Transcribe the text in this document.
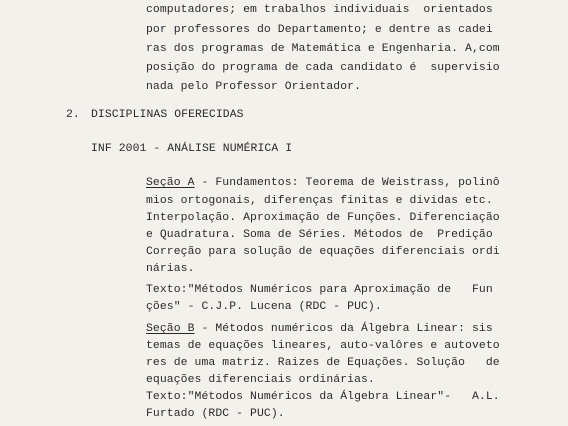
computadores; em trabalhos individuais  orientados
por professores do Departamento; e dentre as cadei
ras dos programas de Matemática e Engenharia. A,com
posição do programa de cada candidato é  supervisio
nada pelo Professor Orientador.
2. DISCIPLINAS OFERECIDAS
INF 2001 - ANÁLISE NUMÉRICA I
Seção A - Fundamentos: Teorema de Weistrass, polinô
mios ortogonais, diferenças finitas e dividas etc.
Interpolação. Aproximação de Funções. Diferenciação
e Quadratura. Soma de Séries. Métodos de  Predição
Correção para solução de equações diferenciais ordi
nárias.
Texto:"Métodos Numéricos para Aproximação de   Fun
ções" - C.J.P. Lucena (RDC - PUC).
Seção B - Métodos numéricos da Álgebra Linear: sis
temas de equações lineares, auto-valôres e autoveto
res de uma matriz. Raizes de Equações. Solução   de
equações diferenciais ordinárias.
Texto:"Métodos Numéricos da Álgebra Linear"-   A.L.
Furtado (RDC - PUC).
